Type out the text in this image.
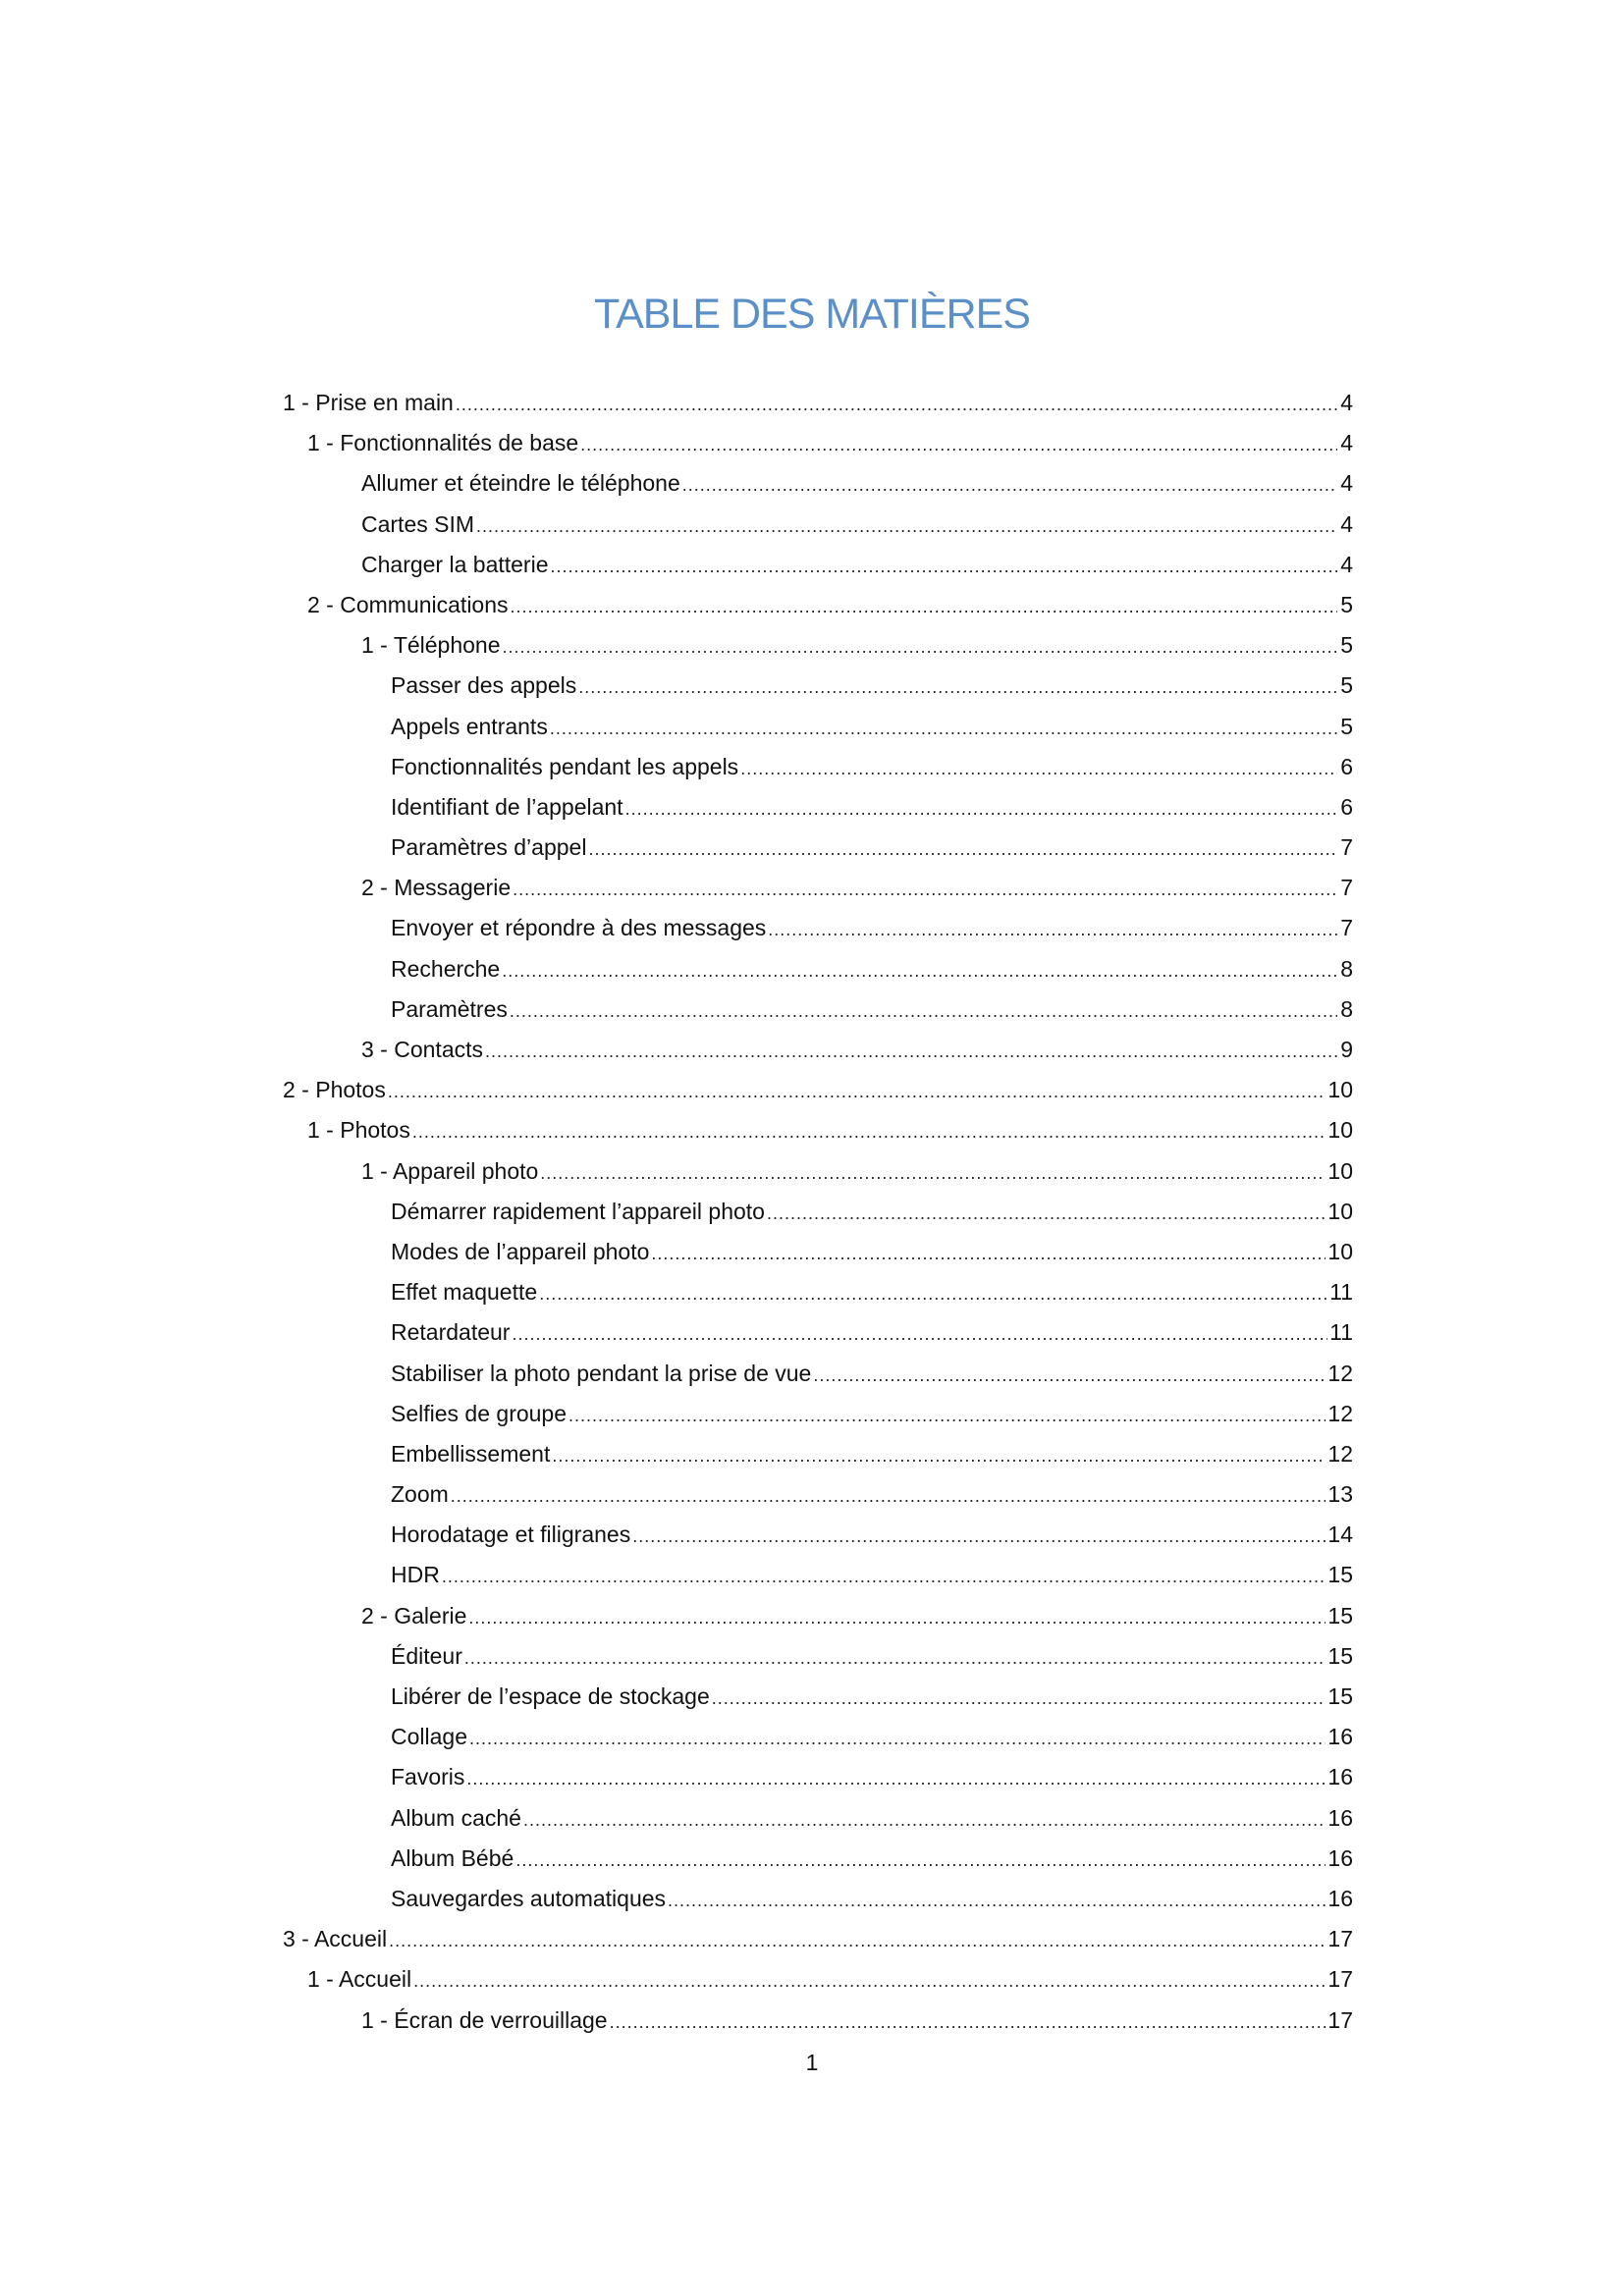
TABLE DES MATIÈRES
1 - Prise en main .....	4
1 - Fonctionnalités de base .....	4
Allumer et éteindre le téléphone .....	4
Cartes SIM .....	4
Charger la batterie .....	4
2 - Communications .....	5
1 - Téléphone .....	5
Passer des appels .....	5
Appels entrants .....	5
Fonctionnalités pendant les appels .....	6
Identifiant de l’appelant .....	6
Paramètres d’appel .....	7
2 - Messagerie .....	7
Envoyer et répondre à des messages .....	7
Recherche .....	8
Paramètres .....	8
3 - Contacts .....	9
2 - Photos .....	10
1 - Photos .....	10
1 - Appareil photo .....	10
Démarrer rapidement l’appareil photo .....	10
Modes de l’appareil photo .....	10
Effet maquette .....	11
Retardateur .....	11
Stabiliser la photo pendant la prise de vue .....	12
Selfies de groupe .....	12
Embellissement .....	12
Zoom .....	13
Horodatage et filigranes .....	14
HDR .....	15
2 - Galerie .....	15
Éditeur .....	15
Libérer de l’espace de stockage .....	15
Collage .....	16
Favoris .....	16
Album caché .....	16
Album Bébé .....	16
Sauvegardes automatiques .....	16
3 - Accueil .....	17
1 - Accueil .....	17
1 - Écran de verrouillage .....	17
1
